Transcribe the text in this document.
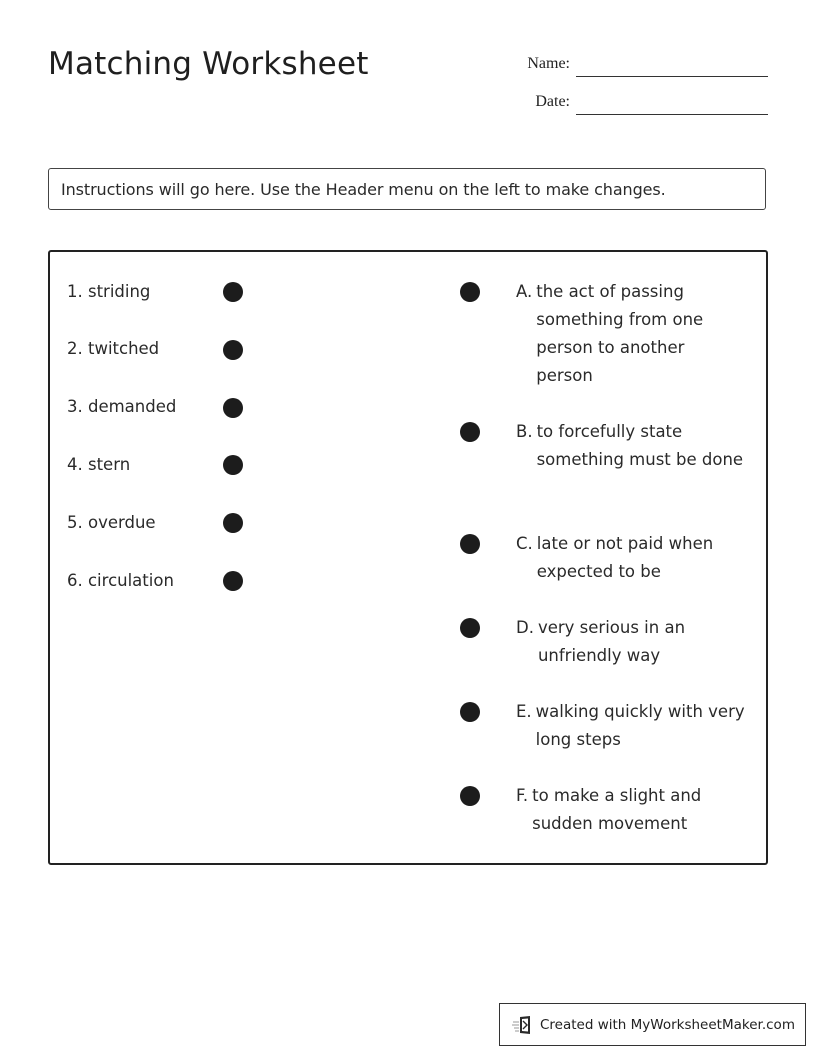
Matching Worksheet	Name:
Date:
Instructions will go here. Use the Header menu on the left to make changes.
1. striding
2. twitched
3. demanded
4. stern
5. overdue
6. circulation
A. the act of passing something from one person to another person
B. to forcefully state something must be done
C. late or not paid when expected to be
D. very serious in an unfriendly way
E. walking quickly with very long steps
F. to make a slight and sudden movement
Created with MyWorksheetMaker.com
